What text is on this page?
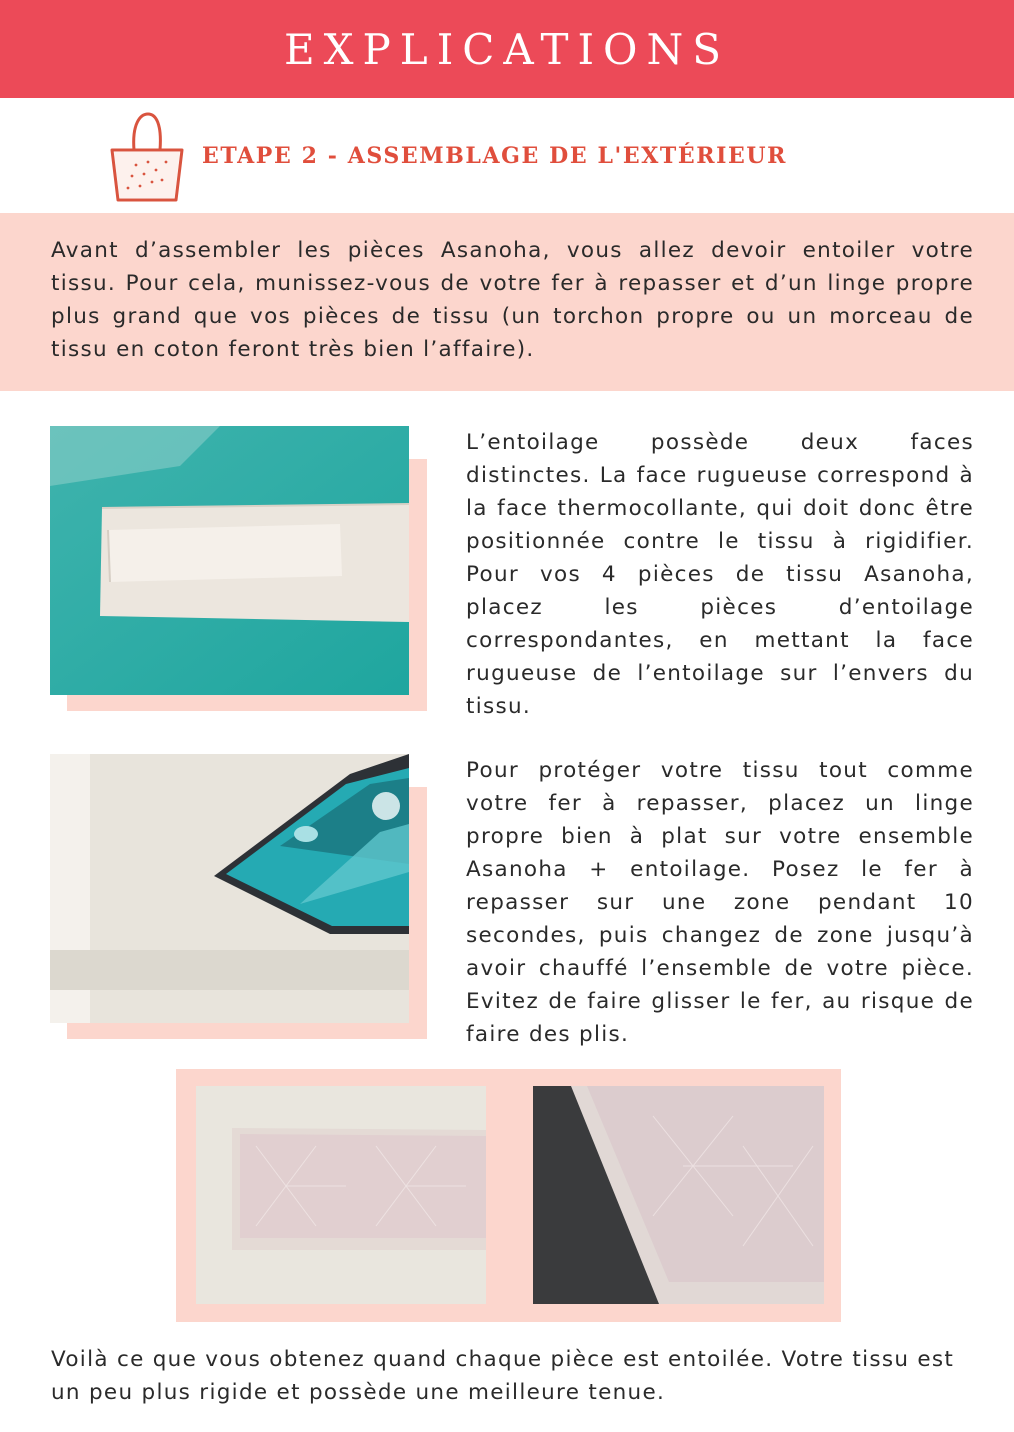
EXPLICATIONS
ETAPE 2 - ASSEMBLAGE DE L'EXTÉRIEUR

Avant d’assembler les pièces Asanoha, vous allez devoir entoiler votre tissu. Pour cela, munissez-vous de votre fer à repasser et d’un linge propre plus grand que vos pièces de tissu (un torchon propre ou un morceau de tissu en coton feront très bien l’affaire).

L’entoilage possède deux faces distinctes. La face rugueuse correspond à la face thermocollante, qui doit donc être positionnée contre le tissu à rigidifier. Pour vos 4 pièces de tissu Asanoha, placez les pièces d’entoilage correspondantes, en mettant la face rugueuse de l’entoilage sur l’envers du tissu.

Pour protéger votre tissu tout comme votre fer à repasser, placez un linge propre bien à plat sur votre ensemble Asanoha + entoilage. Posez le fer à repasser sur une zone pendant 10 secondes, puis changez de zone jusqu’à avoir chauffé l’ensemble de votre pièce. Evitez de faire glisser le fer, au risque de faire des plis.

Voilà ce que vous obtenez quand chaque pièce est entoilée. Votre tissu est un peu plus rigide et possède une meilleure tenue.
